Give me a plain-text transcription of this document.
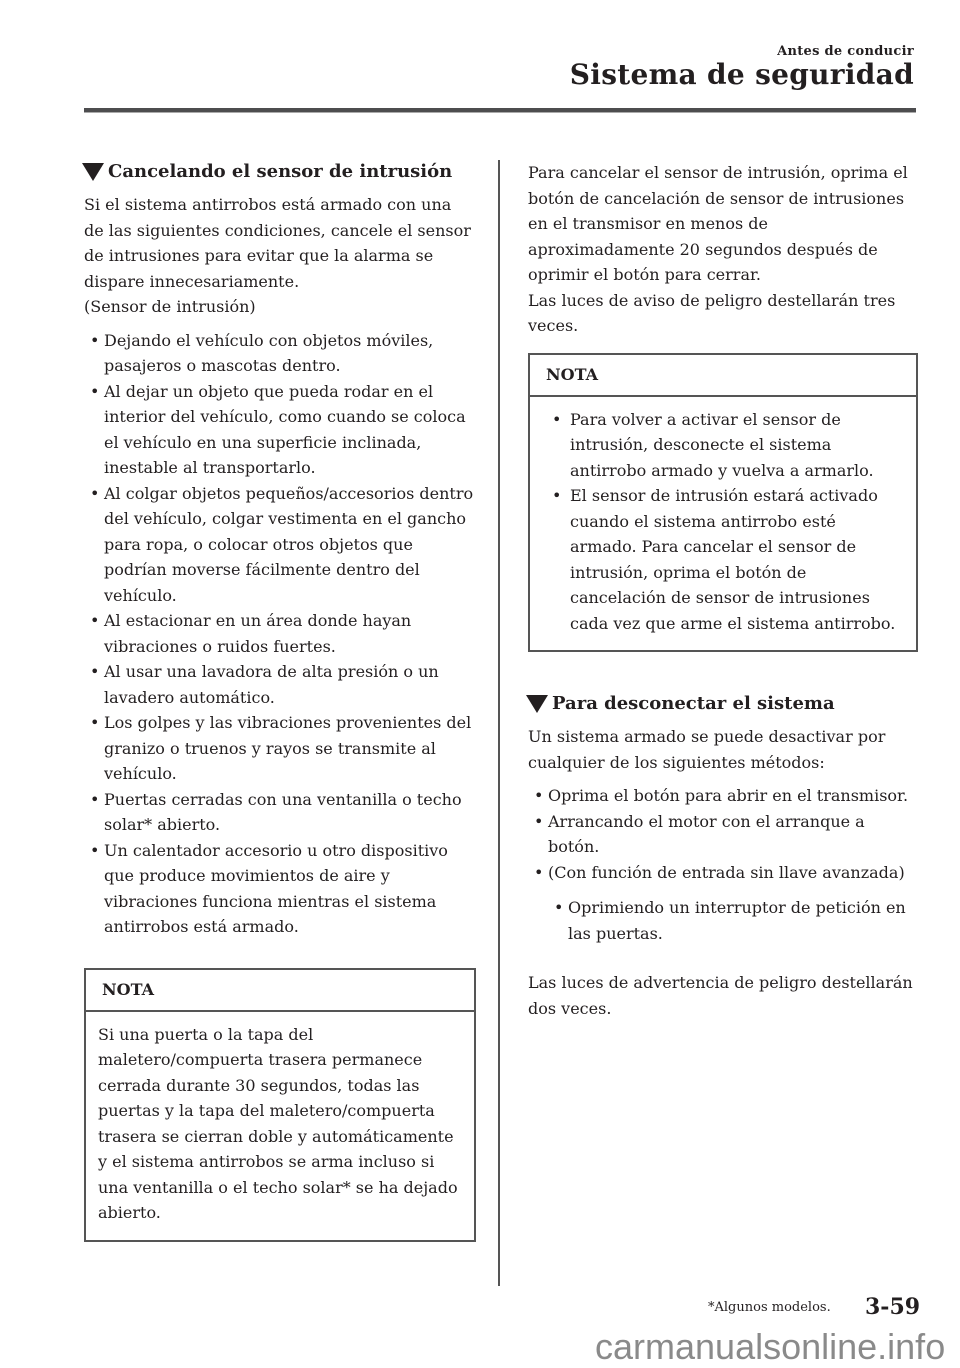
Antes de conducir
Sistema de seguridad
Cancelando el sensor de intrusión

Si el sistema antirrobos está armado con una de las siguientes condiciones, cancele el sensor de intrusiones para evitar que la alarma se dispare innecesariamente.

(Sensor de intrusión)

• Dejando el vehículo con objetos móviles, pasajeros o mascotas dentro.
• Al dejar un objeto que pueda rodar en el interior del vehículo, como cuando se coloca el vehículo en una superficie inclinada, inestable al transportarlo.
• Al colgar objetos pequeños/accesorios dentro del vehículo, colgar vestimenta en el gancho para ropa, o colocar otros objetos que podrían moverse fácilmente dentro del vehículo.
• Al estacionar en un área donde hayan vibraciones o ruidos fuertes.
• Al usar una lavadora de alta presión o un lavadero automático.
• Los golpes y las vibraciones provenientes del granizo o truenos y rayos se transmite al vehículo.
• Puertas cerradas con una ventanilla o techo solar* abierto.
• Un calentador accesorio u otro dispositivo que produce movimientos de aire y vibraciones funciona mientras el sistema antirrobos está armado.
NOTA
Si una puerta o la tapa del maletero/compuerta trasera permanece cerrada durante 30 segundos, todas las puertas y la tapa del maletero/compuerta trasera se cierran doble y automáticamente y el sistema antirrobos se arma incluso si una ventanilla o el techo solar* se ha dejado abierto.

Para cancelar el sensor de intrusión, oprima el botón de cancelación de sensor de intrusiones en el transmisor en menos de aproximadamente 20 segundos después de oprimir el botón para cerrar.

Las luces de aviso de peligro destellarán tres veces.

NOTA
• Para volver a activar el sensor de intrusión, desconecte el sistema antirrobo armado y vuelva a armarlo.
• El sensor de intrusión estará activado cuando el sistema antirrobo esté armado. Para cancelar el sensor de intrusión, oprima el botón de cancelación de sensor de intrusiones cada vez que arme el sistema antirrobo.
Para desconectar el sistema

Un sistema armado se puede desactivar por cualquier de los siguientes métodos:

• Oprima el botón para abrir en el transmisor.
• Arrancando el motor con el arranque a botón.
• (Con función de entrada sin llave avanzada)
• Oprimiendo un interruptor de petición en las puertas.

Las luces de advertencia de peligro destellarán dos veces.

*Algunos modelos. 3-59
carmanualsonline.info
